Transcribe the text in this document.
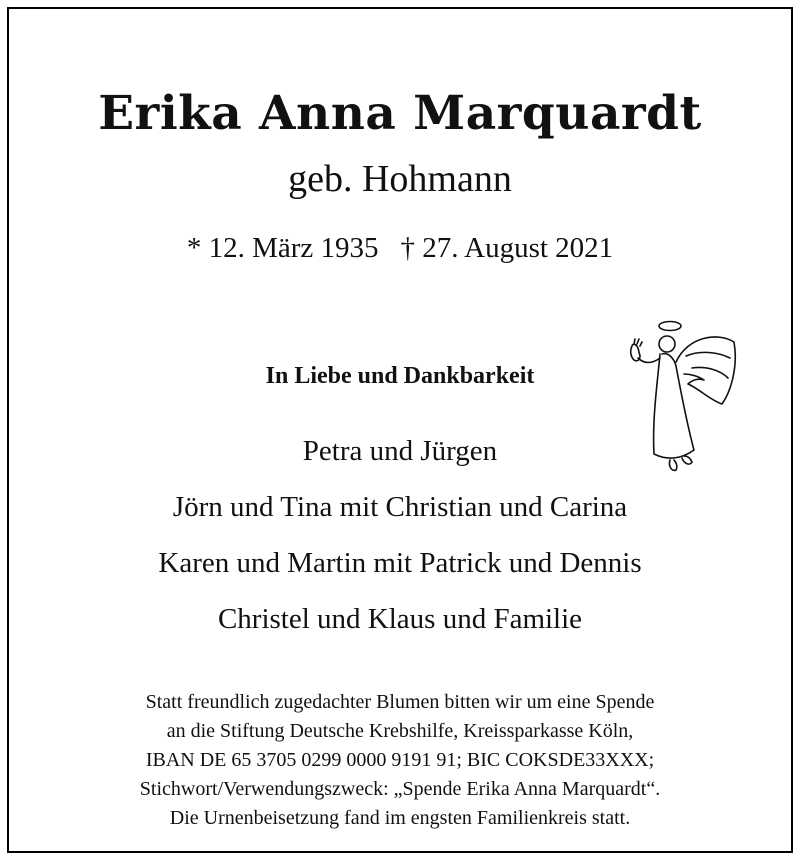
Erika Anna Marquardt
geb. Hohmann
* 12. März 1935 † 27. August 2021
In Liebe und Dankbarkeit
Petra und Jürgen
Jörn und Tina mit Christian und Carina
Karen und Martin mit Patrick und Dennis
Christel und Klaus und Familie
Statt freundlich zugedachter Blumen bitten wir um eine Spende
an die Stiftung Deutsche Krebshilfe, Kreissparkasse Köln,
IBAN DE 65 3705 0299 0000 9191 91; BIC COKSDE33XXX;
Stichwort/Verwendungszweck: „Spende Erika Anna Marquardt“.
Die Urnenbeisetzung fand im engsten Familienkreis statt.
